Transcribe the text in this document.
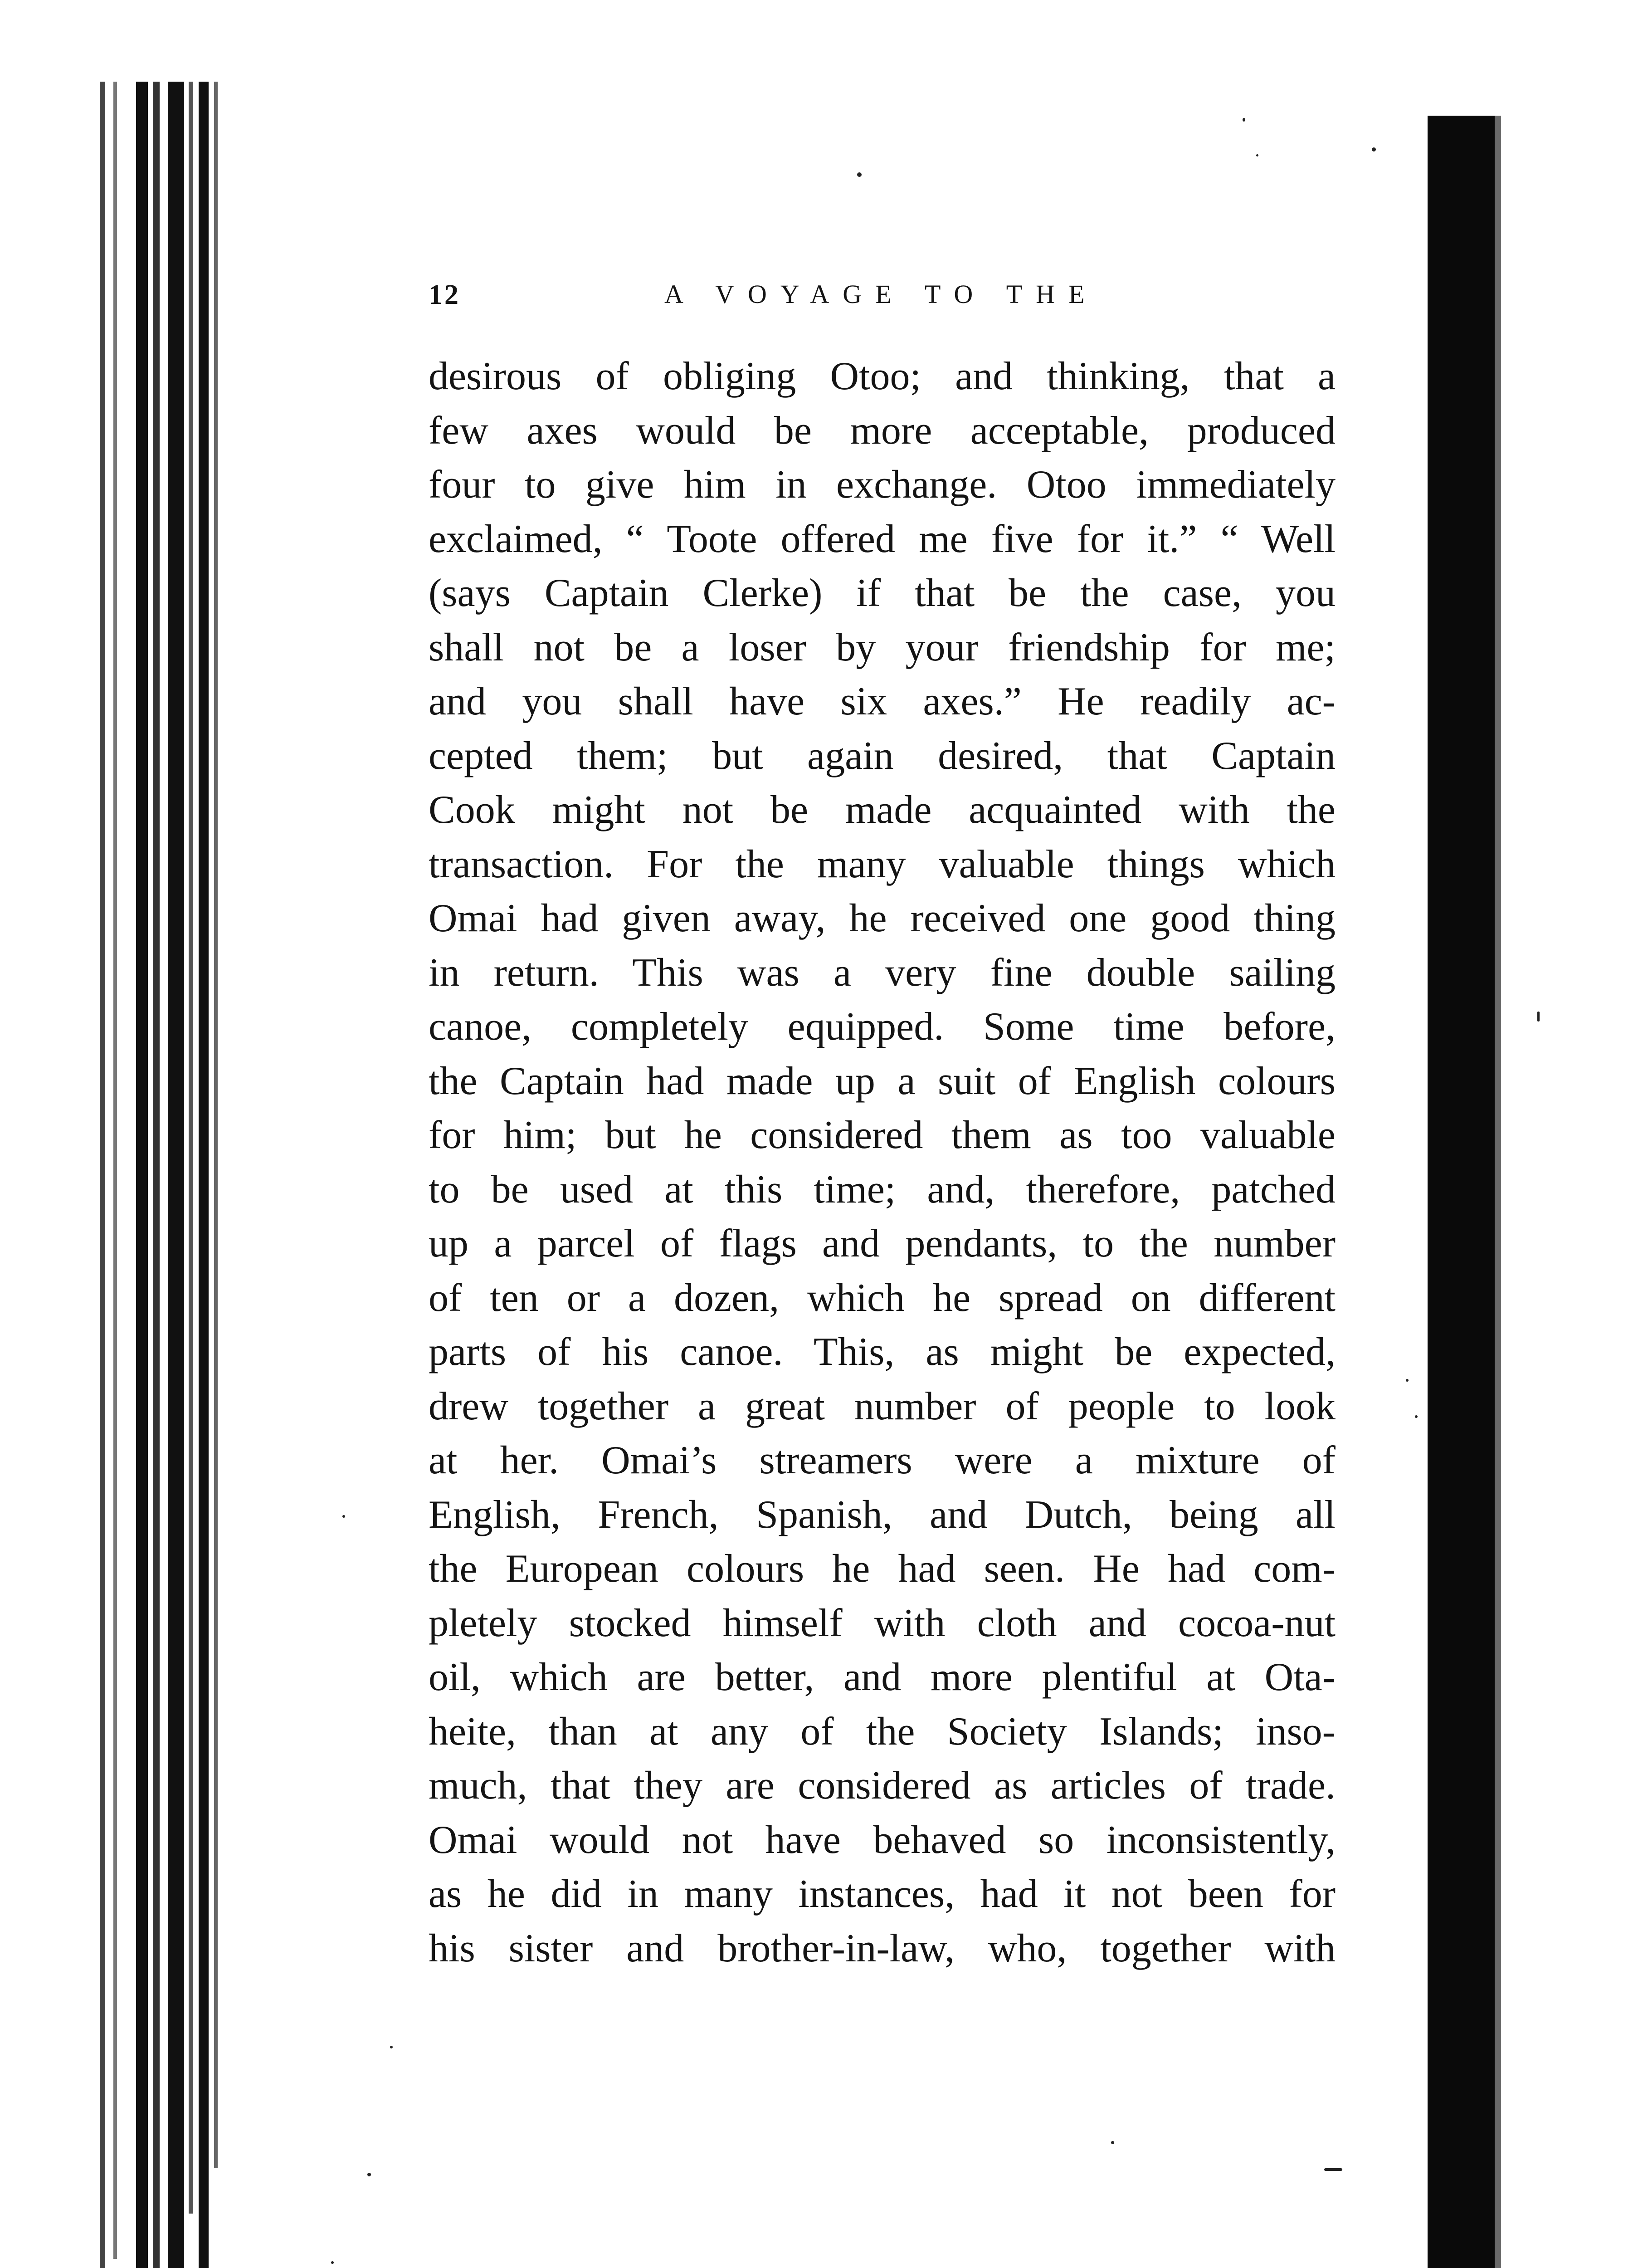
12	A VOYAGE TO THE
desirous of obliging Otoo; and thinking, that a
few axes would be more acceptable, produced
four to give him in exchange. Otoo immediately
exclaimed, “ Toote offered me five for it.” “ Well
(says Captain Clerke) if that be the case, you
shall not be a loser by your friendship for me;
and you shall have six axes.” He readily ac-
cepted them; but again desired, that Captain
Cook might not be made acquainted with the
transaction. For the many valuable things which
Omai had given away, he received one good thing
in return. This was a very fine double sailing
canoe, completely equipped. Some time before,
the Captain had made up a suit of English colours
for him; but he considered them as too valuable
to be used at this time; and, therefore, patched
up a parcel of flags and pendants, to the number
of ten or a dozen, which he spread on different
parts of his canoe. This, as might be expected,
drew together a great number of people to look
at her. Omai’s streamers were a mixture of
English, French, Spanish, and Dutch, being all
the European colours he had seen. He had com-
pletely stocked himself with cloth and cocoa-nut
oil, which are better, and more plentiful at Ota-
heite, than at any of the Society Islands; inso-
much, that they are considered as articles of trade.
Omai would not have behaved so inconsistently,
as he did in many instances, had it not been for
his sister and brother-in-law, who, together with
